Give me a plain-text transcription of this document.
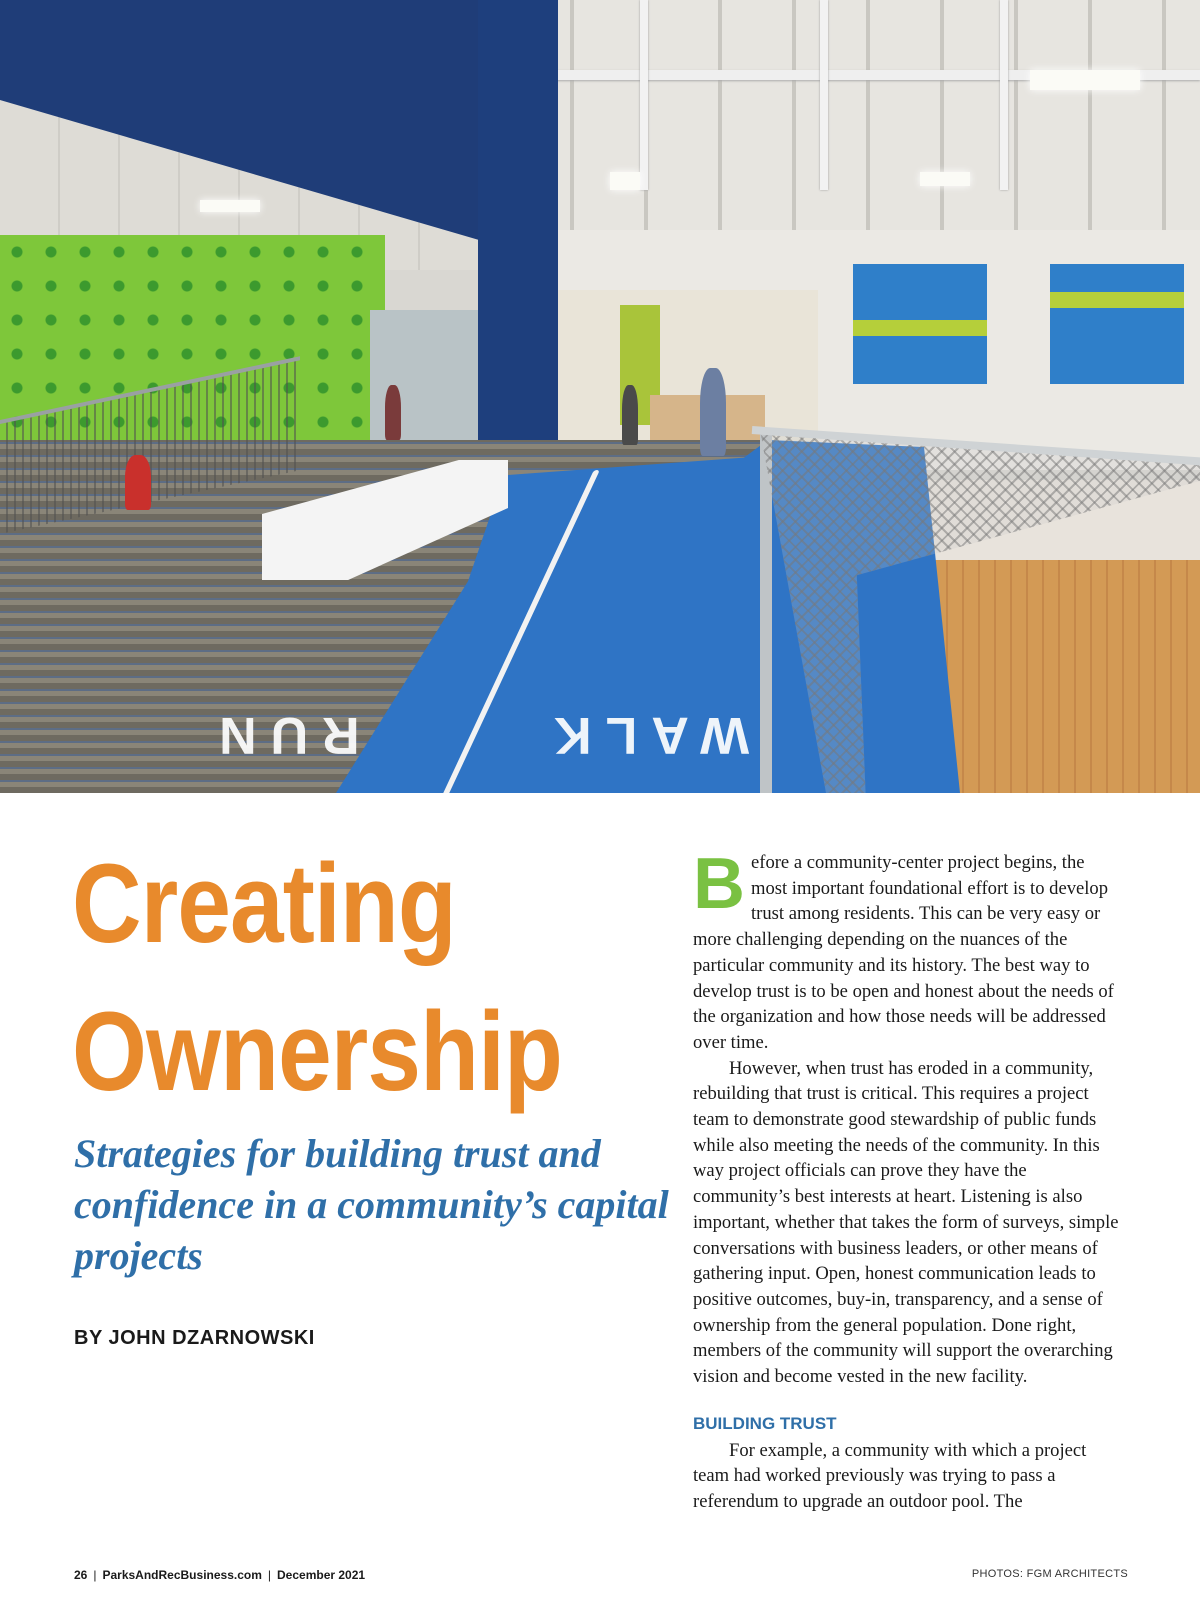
RUN	WALK
Creating
Ownership

Strategies for building trust and confidence in a community’s capital projects

BY JOHN DZARNOWSKI

Before a community-center project begins, the most important foundational effort is to develop trust among residents. This can be very easy or more challenging depending on the nuances of the particular community and its history. The best way to develop trust is to be open and honest about the needs of the organization and how those needs will be addressed over time.

However, when trust has eroded in a community, rebuilding that trust is critical. This requires a project team to demonstrate good stewardship of public funds while also meeting the needs of the community. In this way project officials can prove they have the community’s best interests at heart. Listening is also important, whether that takes the form of surveys, simple conversations with business leaders, or other means of gathering input. Open, honest communication leads to positive outcomes, buy-in, transparency, and a sense of ownership from the general population. Done right, members of the community will support the overarching vision and become vested in the new facility.

BUILDING TRUST

For example, a community with which a project team had worked previously was trying to pass a referendum to upgrade an outdoor pool. The

26 | ParksAndRecBusiness.com | December 2021	PHOTOS: FGM ARCHITECTS
